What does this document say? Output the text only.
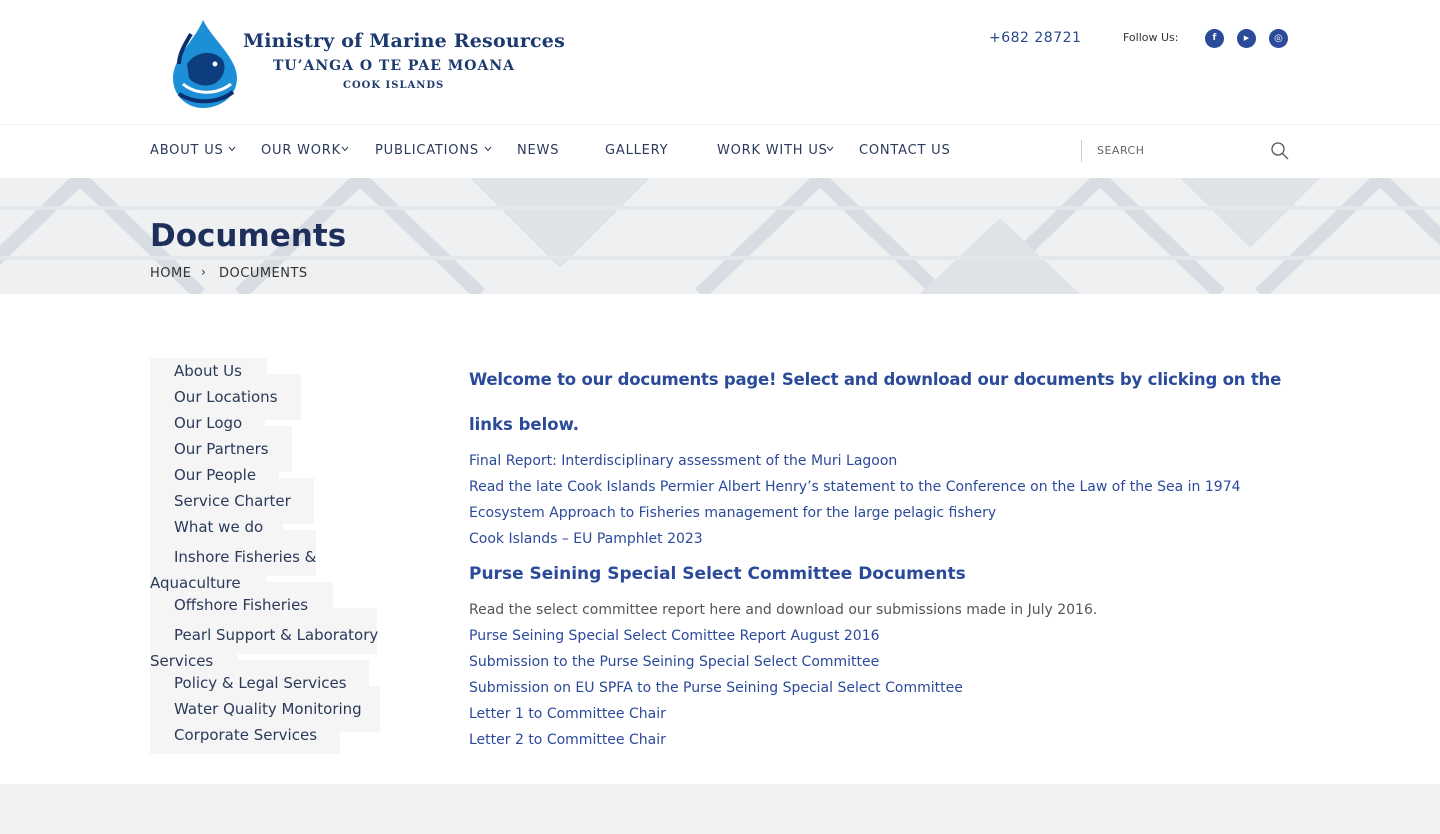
Ministry of Marine Resources
TU’ANGA O TE PAE MOANA
COOK ISLANDS
+682 28721	Follow Us:	f	▶	◎
ABOUT US	OUR WORK	PUBLICATIONS	NEWS	GALLERY	WORK WITH US CONTACT US	SEARCH
Documents
HOME › DOCUMENTS
About Us
Our Locations
Our Logo
Our Partners
Our People
Service Charter
What we do
Inshore Fisheries & Aquaculture
Offshore Fisheries
Pearl Support & Laboratory Services
Policy & Legal Services
Water Quality Monitoring
Corporate Services
Welcome to our documents page! Select and download our documents by clicking on the
links below.
Final Report: Interdisciplinary assessment of the Muri Lagoon
Read the late Cook Islands Permier Albert Henry’s statement to the Conference on the Law of the Sea in 1974
Ecosystem Approach to Fisheries management for the large pelagic fishery
Cook Islands – EU Pamphlet 2023
Purse Seining Special Select Committee Documents
Read the select committee report here and download our submissions made in July 2016.
Purse Seining Special Select Comittee Report August 2016
Submission to the Purse Seining Special Select Committee
Submission on EU SPFA to the Purse Seining Special Select Committee
Letter 1 to Committee Chair
Letter 2 to Committee Chair
